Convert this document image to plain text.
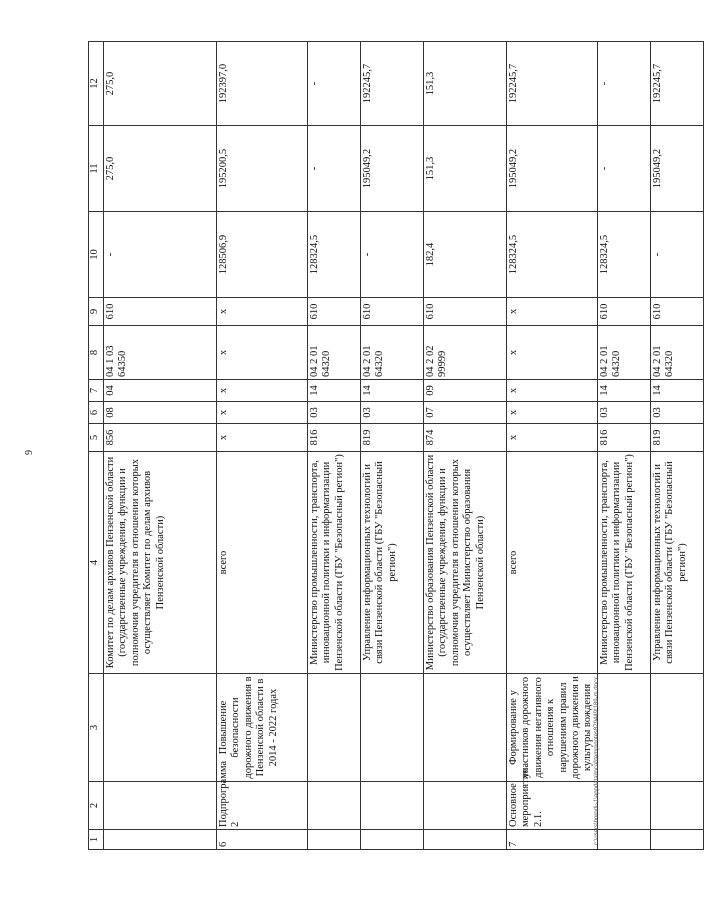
9
1	2	3	4	5	6	7	8	9	10	11	12
			Комитет по делам архивов Пензенской области (государственные учреждения, функции и полномочия учредителя в отношении которых осуществляет Комитет по делам архивов Пензенской области)	856	08	04	04 1 03 64350	610	-	275,0	275,0
6	Подпрограмма 2	Повышение безопасности дорожного движения в Пензенской области в 2014 - 2022 годах	всего	х	х	х	х	х	128506,9	195200,5	192397,0
			Министерство промышленности, транспорта, инновационной политики и информатизации Пензенской области (ГБУ "Безопасный регион")	816	03	14	04 2 01 64320	610	128324,5	-	-
			Управление информационных технологий и связи Пензенской области (ГБУ "Безопасный регион")	819	03	14	04 2 01 64320	610	-	195049,2	192245,7
			Министерство образования Пензенской области (государственные учреждения, функции и полномочия учредителя в отношении которых осуществляет Министерство образования Пензенской области)	874	07	09	04 2 02 99999	610	182,4	151,3	151,3
7	Основное мероприятие 2.1.	Формирование у участников дорожного движения негативного отношения к нарушениям правил дорожного движения и культуры вождения	всего	х	х	х	х	х	128324,5	195049,2	192245,7
			Министерство промышленности, транспорта, инновационной политики и информатизации Пензенской области (ГБУ "Безопасный регион")	816	03	14	04 2 01 64320	610	128324,5	-	-
			Управление информационных технологий и связи Пензенской области (ГБУ "Безопасный регион")	819	03	14	04 2 01 64320	610	-	195049,2	192245,7
c:\users\borodi~1\appdata\local\temp\notes879449\189-m.docx
